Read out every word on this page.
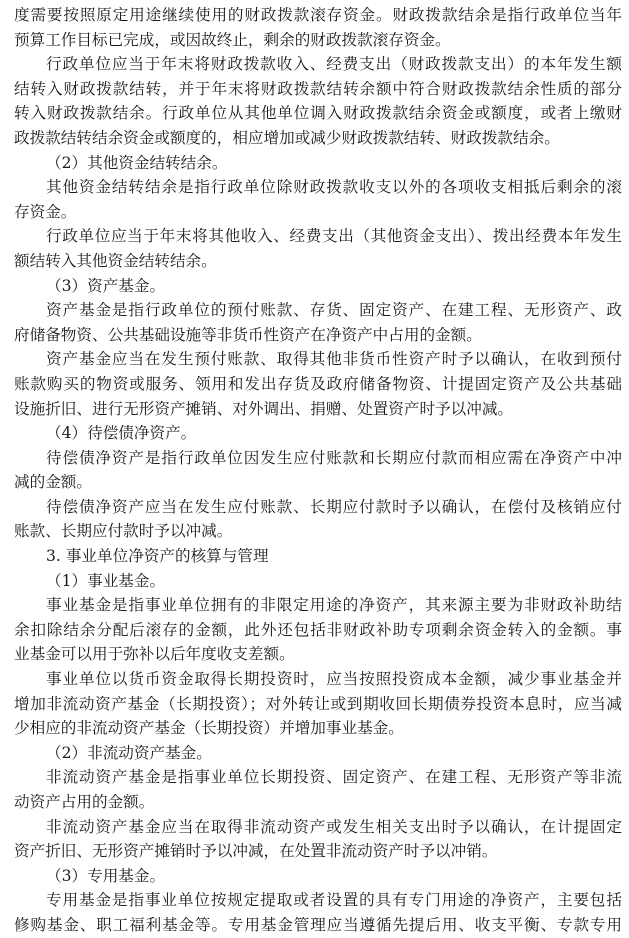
度需要按照原定用途继续使用的财政拨款滚存资金。财政拨款结余是指行政单位当年
预算工作目标已完成，或因故终止，剩余的财政拨款滚存资金。
行政单位应当于年末将财政拨款收入、经费支出（财政拨款支出）的本年发生额
结转入财政拨款结转，并于年末将财政拨款结转余额中符合财政拨款结余性质的部分
转入财政拨款结余。行政单位从其他单位调入财政拨款结余资金或额度，或者上缴财
政拨款结转结余资金或额度的，相应增加或减少财政拨款结转、财政拨款结余。
（2）其他资金结转结余。
其他资金结转结余是指行政单位除财政拨款收支以外的各项收支相抵后剩余的滚
存资金。
行政单位应当于年末将其他收入、经费支出（其他资金支出）、拨出经费本年发生
额结转入其他资金结转结余。
（3）资产基金。
资产基金是指行政单位的预付账款、存货、固定资产、在建工程、无形资产、政
府储备物资、公共基础设施等非货币性资产在净资产中占用的金额。
资产基金应当在发生预付账款、取得其他非货币性资产时予以确认，在收到预付
账款购买的物资或服务、领用和发出存货及政府储备物资、计提固定资产及公共基础
设施折旧、进行无形资产摊销、对外调出、捐赠、处置资产时予以冲减。
（4）待偿债净资产。
待偿债净资产是指行政单位因发生应付账款和长期应付款而相应需在净资产中冲
减的金额。
待偿债净资产应当在发生应付账款、长期应付款时予以确认，在偿付及核销应付
账款、长期应付款时予以冲减。
3. 事业单位净资产的核算与管理
（1）事业基金。
事业基金是指事业单位拥有的非限定用途的净资产，其来源主要为非财政补助结
余扣除结余分配后滚存的金额，此外还包括非财政补助专项剩余资金转入的金额。事
业基金可以用于弥补以后年度收支差额。
事业单位以货币资金取得长期投资时，应当按照投资成本金额，减少事业基金并
增加非流动资产基金（长期投资）；对外转让或到期收回长期债券投资本息时，应当减
少相应的非流动资产基金（长期投资）并增加事业基金。
（2）非流动资产基金。
非流动资产基金是指事业单位长期投资、固定资产、在建工程、无形资产等非流
动资产占用的金额。
非流动资产基金应当在取得非流动资产或发生相关支出时予以确认，在计提固定
资产折旧、无形资产摊销时予以冲减，在处置非流动资产时予以冲销。
（3）专用基金。
专用基金是指事业单位按规定提取或者设置的具有专门用途的净资产，主要包括
修购基金、职工福利基金等。专用基金管理应当遵循先提后用、收支平衡、专款专用
